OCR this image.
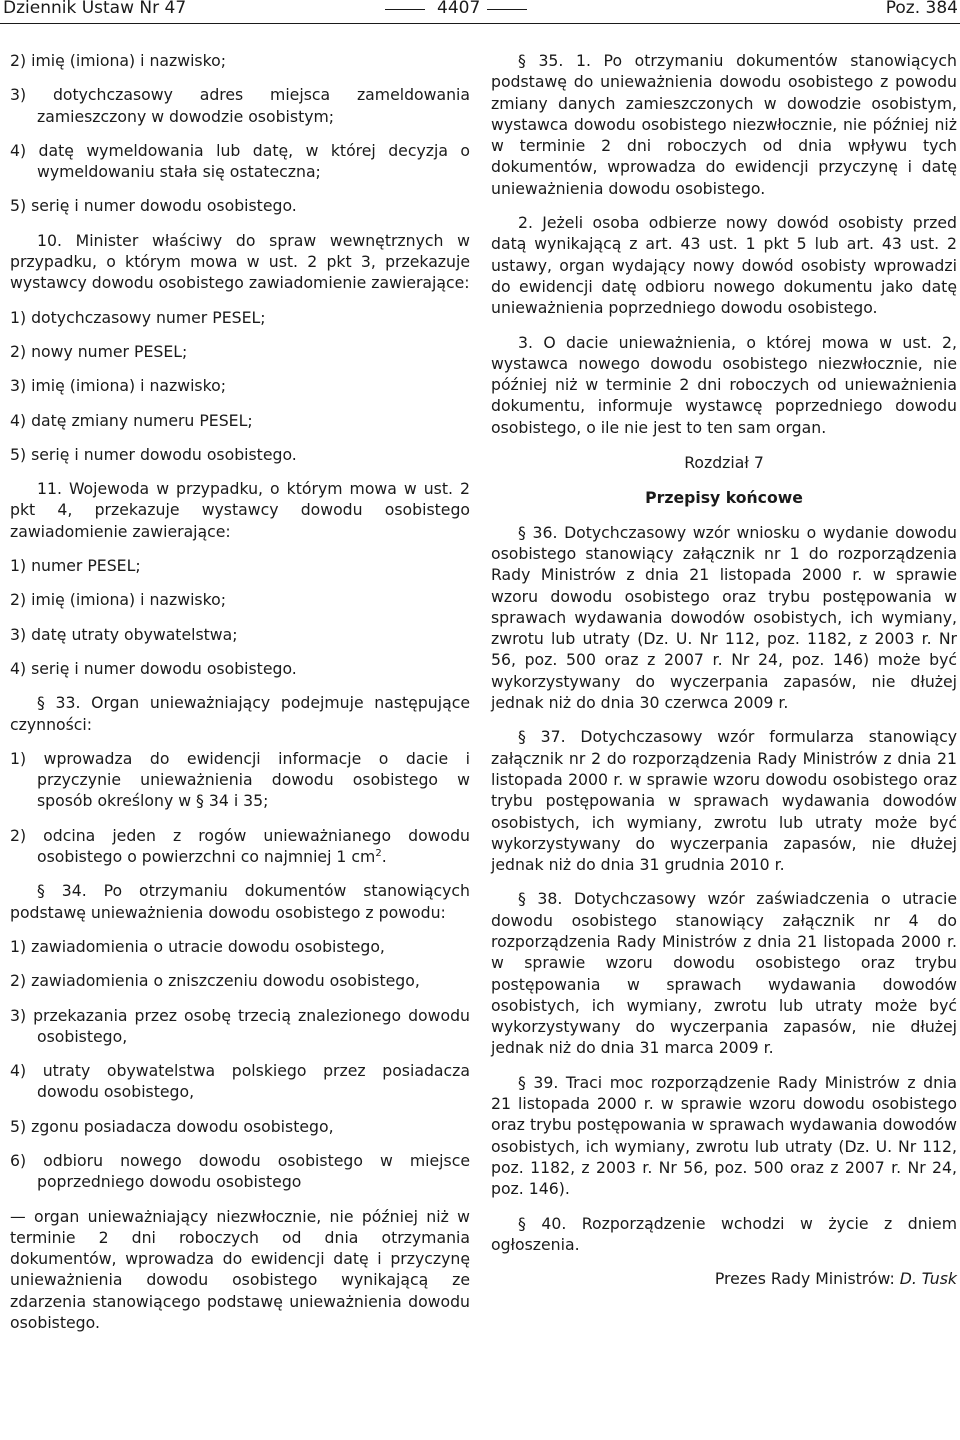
Dziennik Ustaw Nr 47	4407	Poz. 384

2) imię (imiona) i nazwisko;

3) dotychczasowy adres miejsca zameldowania zamieszczony w dowodzie osobistym;

4) datę wymeldowania lub datę, w której decyzja o wymeldowaniu stała się ostateczna;

5) serię i numer dowodu osobistego.

10. Minister właściwy do spraw wewnętrznych w przypadku, o którym mowa w ust. 2 pkt 3, przekazuje wystawcy dowodu osobistego zawiadomienie zawierające:

1) dotychczasowy numer PESEL;

2) nowy numer PESEL;

3) imię (imiona) i nazwisko;

4) datę zmiany numeru PESEL;

5) serię i numer dowodu osobistego.

11. Wojewoda w przypadku, o którym mowa w ust. 2 pkt 4, przekazuje wystawcy dowodu osobistego zawiadomienie zawierające:

1) numer PESEL;

2) imię (imiona) i nazwisko;

3) datę utraty obywatelstwa;

4) serię i numer dowodu osobistego.

§ 33. Organ unieważniający podejmuje następujące czynności:

1) wprowadza do ewidencji informacje o dacie i przyczynie unieważnienia dowodu osobistego w sposób określony w § 34 i 35;

2) odcina jeden z rogów unieważnianego dowodu osobistego o powierzchni co najmniej 1 $cm^2$.

§ 34. Po otrzymaniu dokumentów stanowiących podstawę unieważnienia dowodu osobistego z powodu:

1) zawiadomienia o utracie dowodu osobistego,

2) zawiadomienia o zniszczeniu dowodu osobistego,

3) przekazania przez osobę trzecią znalezionego dowodu osobistego,

4) utraty obywatelstwa polskiego przez posiadacza dowodu osobistego,

5) zgonu posiadacza dowodu osobistego,

6) odbioru nowego dowodu osobistego w miejsce poprzedniego dowodu osobistego

— organ unieważniający niezwłocznie, nie później niż w terminie 2 dni roboczych od dnia otrzymania dokumentów, wprowadza do ewidencji datę i przyczynę unieważnienia dowodu osobistego wynikającą ze zdarzenia stanowiącego podstawę unieważnienia dowodu osobistego.

§ 35. 1. Po otrzymaniu dokumentów stanowiących podstawę do unieważnienia dowodu osobistego z powodu zmiany danych zamieszczonych w dowodzie osobistym, wystawca dowodu osobistego niezwłocznie, nie później niż w terminie 2 dni roboczych od dnia wpływu tych dokumentów, wprowadza do ewidencji przyczynę i datę unieważnienia dowodu osobistego.

2. Jeżeli osoba odbierze nowy dowód osobisty przed datą wynikającą z art. 43 ust. 1 pkt 5 lub art. 43 ust. 2 ustawy, organ wydający nowy dowód osobisty wprowadzi do ewidencji datę odbioru nowego dokumentu jako datę unieważnienia poprzedniego dowodu osobistego.

3. O dacie unieważnienia, o której mowa w ust. 2, wystawca nowego dowodu osobistego niezwłocznie, nie później niż w terminie 2 dni roboczych od unieważnienia dokumentu, informuje wystawcę poprzedniego dowodu osobistego, o ile nie jest to ten sam organ.

Rozdział 7

Przepisy końcowe

§ 36. Dotychczasowy wzór wniosku o wydanie dowodu osobistego stanowiący załącznik nr 1 do rozporządzenia Rady Ministrów z dnia 21 listopada 2000 r. w sprawie wzoru dowodu osobistego oraz trybu postępowania w sprawach wydawania dowodów osobistych, ich wymiany, zwrotu lub utraty (Dz. U. Nr 112, poz. 1182, z 2003 r. Nr 56, poz. 500 oraz z 2007 r. Nr 24, poz. 146) może być wykorzystywany do wyczerpania zapasów, nie dłużej jednak niż do dnia 30 czerwca 2009 r.

§ 37. Dotychczasowy wzór formularza stanowiący załącznik nr 2 do rozporządzenia Rady Ministrów z dnia 21 listopada 2000 r. w sprawie wzoru dowodu osobistego oraz trybu postępowania w sprawach wydawania dowodów osobistych, ich wymiany, zwrotu lub utraty może być wykorzystywany do wyczerpania zapasów, nie dłużej jednak niż do dnia 31 grudnia 2010 r.

§ 38. Dotychczasowy wzór zaświadczenia o utracie dowodu osobistego stanowiący załącznik nr 4 do rozporządzenia Rady Ministrów z dnia 21 listopada 2000 r. w sprawie wzoru dowodu osobistego oraz trybu postępowania w sprawach wydawania dowodów osobistych, ich wymiany, zwrotu lub utraty może być wykorzystywany do wyczerpania zapasów, nie dłużej jednak niż do dnia 31 marca 2009 r.

§ 39. Traci moc rozporządzenie Rady Ministrów z dnia 21 listopada 2000 r. w sprawie wzoru dowodu osobistego oraz trybu postępowania w sprawach wydawania dowodów osobistych, ich wymiany, zwrotu lub utraty (Dz. U. Nr 112, poz. 1182, z 2003 r. Nr 56, poz. 500 oraz z 2007 r. Nr 24, poz. 146).

§ 40. Rozporządzenie wchodzi w życie z dniem ogłoszenia.

Prezes Rady Ministrów: D. Tusk
